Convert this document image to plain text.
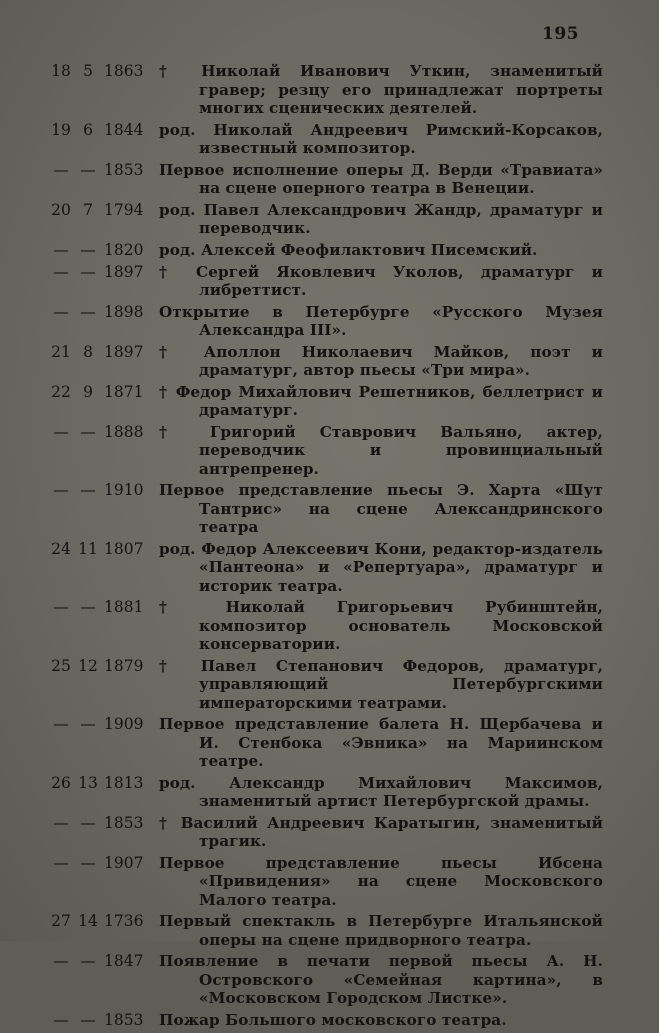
195
18 5 1863	† Николай Иванович Уткин, знаменитый гравер; резцу его принадлежат портреты многих сценических деятелей.
19 6 1844	род. Николай Андреевич Римский-Корсаков, известный композитор.
— — 1853	Первое исполнение оперы Д. Верди «Травиата» на сцене оперного театра в Венеции.
20 7 1794	род. Павел Александрович Жандр, драматург и переводчик.
— — 1820	род. Алексей Феофилактович Писемский.
— — 1897	† Сергей Яковлевич Уколов, драматург и либреттист.
— — 1898	Открытие в Петербурге «Русского Музея Александра III».
21 8 1897	† Аполлон Николаевич Майков, поэт и драматург, автор пьесы «Три мира».
22 9 1871	† Федор Михайлович Решетников, беллетрист и драматург.
— — 1888	† Григорий Ставрович Вальяно, актер, переводчик и провинциальный антрепренер.
— — 1910	Первое представление пьесы Э. Харта «Шут Тантрис» на сцене Александринского театра
24 11 1807	род. Федор Алексеевич Кони, редактор-издатель «Пантеона» и «Репертуара», драматург и историк театра.
— — 1881	† Николай Григорьевич Рубинштейн, композитор основатель Московской консерватории.
25 12 1879	† Павел Степанович Федоров, драматург, управляющий Петербургскими императорскими театрами.
— — 1909	Первое представление балета Н. Щербачева и И. Стенбока «Эвника» на Мариинском театре.
26 13 1813	род. Александр Михайлович Максимов, знаменитый артист Петербургской драмы.
— — 1853	† Василий Андреевич Каратыгин, знаменитый трагик.
— — 1907	Первое представление пьесы Ибсена «Привидения» на сцене Московского Малого театра.
27 14 1736	Первый спектакль в Петербурге Итальянской оперы на сцене придворного театра.
— — 1847	Появление в печати первой пьесы А. Н. Островского «Семейная картина», в «Московском Городском Листке».
— — 1853	Пожар Большого московского театра.
